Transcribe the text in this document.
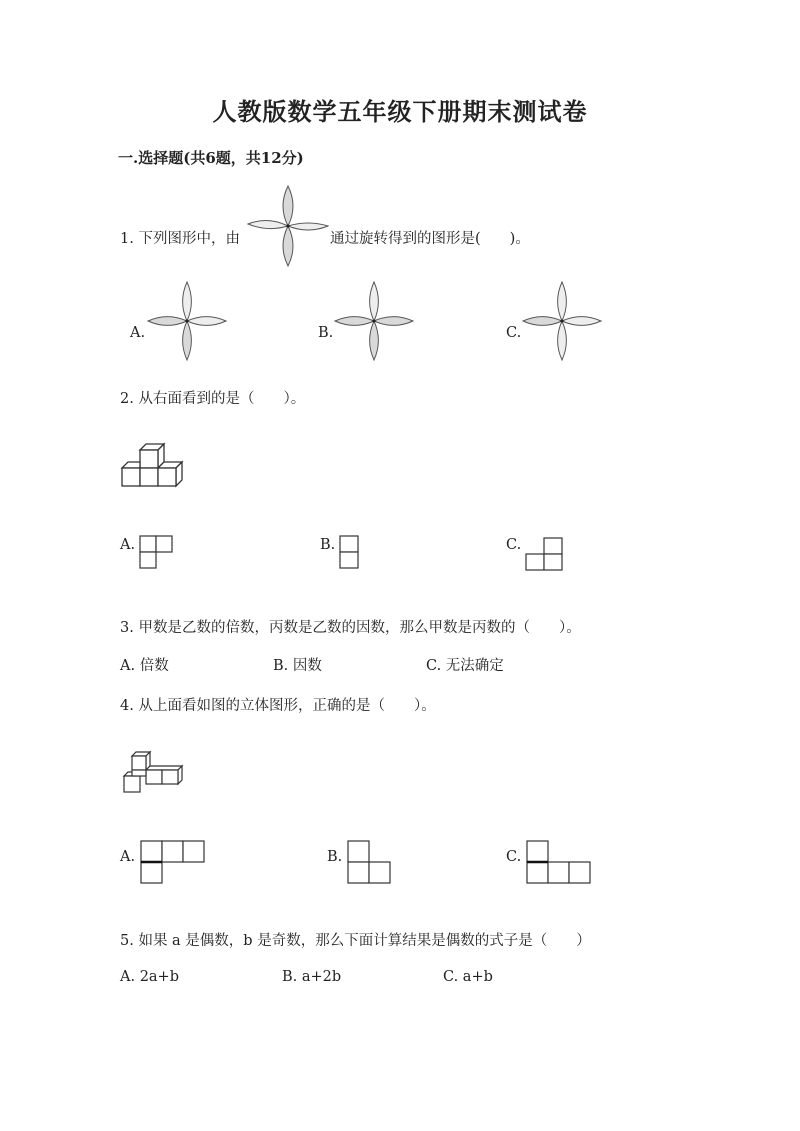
人教版数学五年级下册期末测试卷
一.选择题(共6题，共12分)
1. 下列图形中，由	通过旋转得到的图形是(　　)。
A.	B.	C.
2. 从右面看到的是（　　）。
A.	B.	C.
3. 甲数是乙数的倍数，丙数是乙数的因数，那么甲数是丙数的（　　）。
A. 倍数	B. 因数	C. 无法确定
4. 从上面看如图的立体图形，正确的是（　　）。
A.	B.	C.
5. 如果 a 是偶数，b 是奇数，那么下面计算结果是偶数的式子是（　　）
A. 2a+b	B. a+2b	C. a+b
